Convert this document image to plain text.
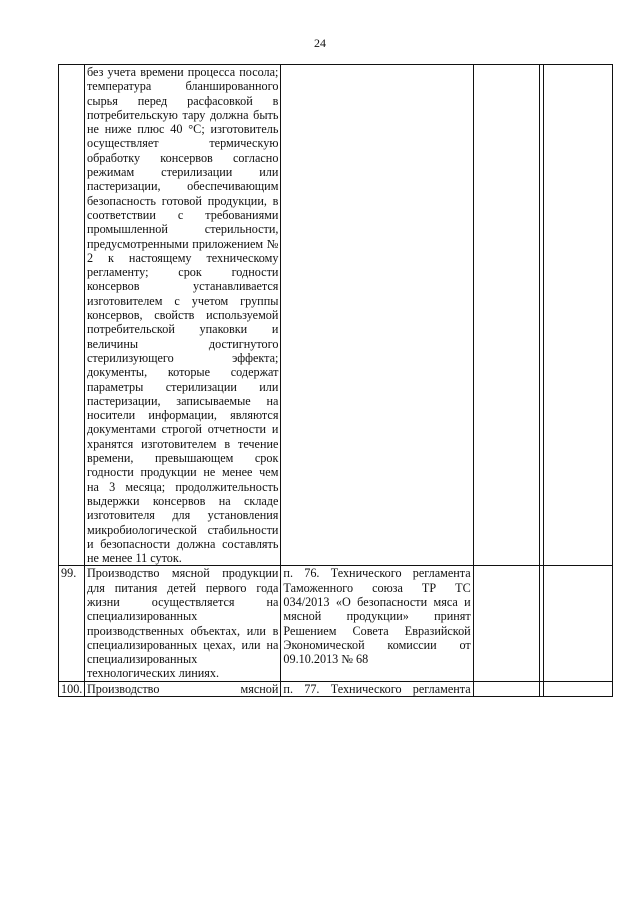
24
	без учета времени процесса посола; температура бланшированного сырья перед расфасовкой в потребительскую тару должна быть не ниже плюс 40 °С; изготовитель осуществляет термическую обработку консервов согласно режимам стерилизации или пастеризации, обеспечивающим безопасность готовой продукции, в соответствии с требованиями промышленной стерильности, предусмотренными приложением № 2 к настоящему техническому регламенту; срок годности консервов устанавливается изготовителем с учетом группы консервов, свойств используемой потребительской упаковки и величины достигнутого стерилизующего эффекта; документы, которые содержат параметры стерилизации или пастеризации, записываемые на носители информации, являются документами строгой отчетности и хранятся изготовителем в течение времени, превышающем срок годности продукции не менее чем на 3 месяца; продолжительность выдержки консервов на складе изготовителя для установления микробиологической стабильности и безопасности должна составлять не менее 11 суток.				
99.	Производство мясной продукции для питания детей первого года жизни осуществляется на специализированных производственных объектах, или в специализированных цехах, или на специализированных технологических линиях.	п. 76. Технического регламента Таможенного союза ТР ТС 034/2013 «О безопасности мяса и мясной продукции» принят Решением Совета Евразийской Экономической комиссии от 09.10.2013 № 68			
100.	Производство мясной	п. 77. Технического регламента			
